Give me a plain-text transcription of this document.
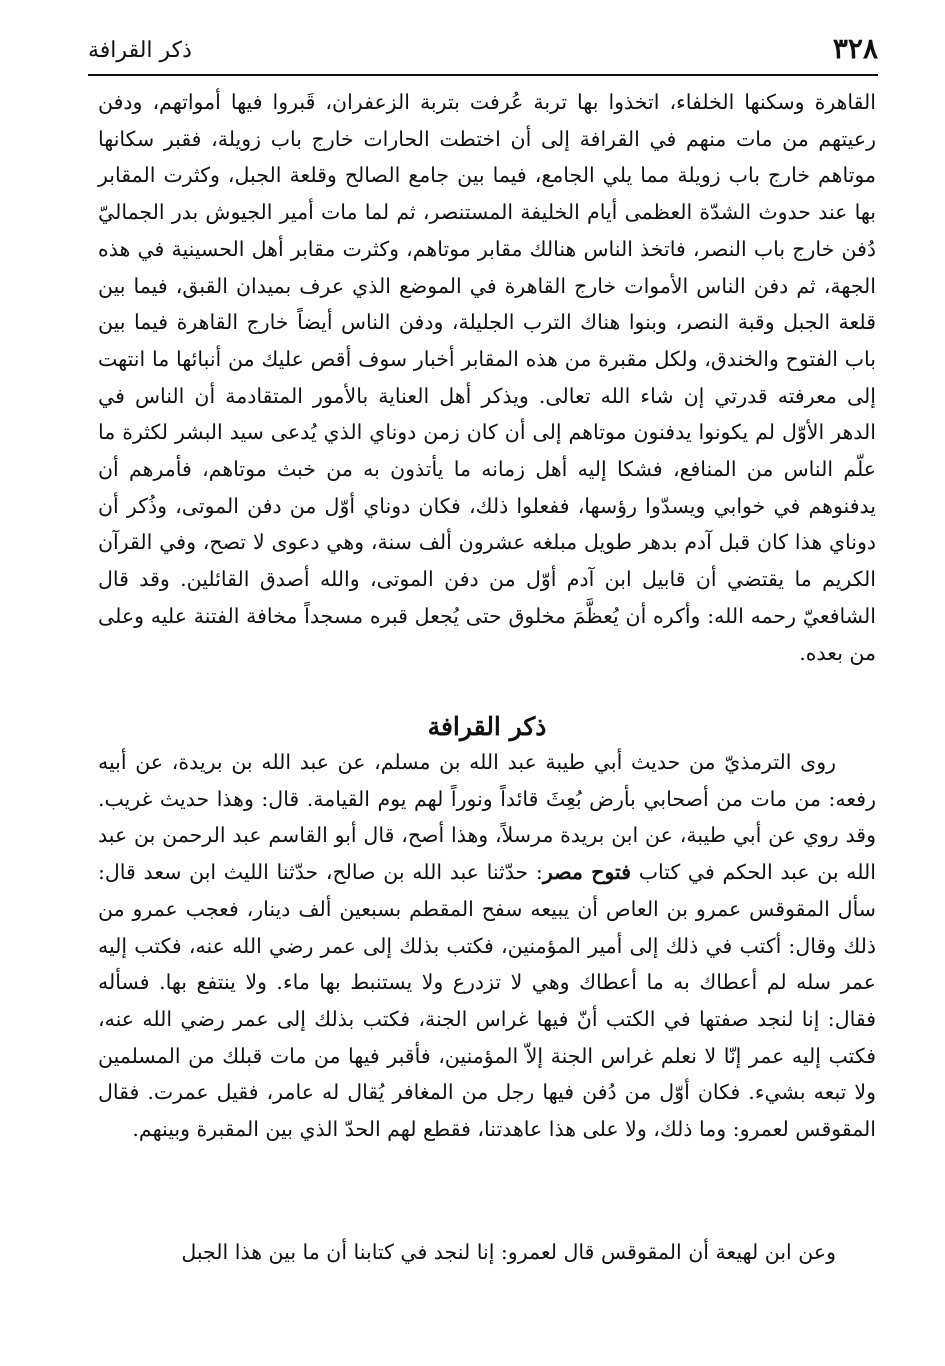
٣٢٨
ذكر القرافة

القاهرة وسكنها الخلفاء، اتخذوا بها تربة عُرفت بتربة الزعفران، قَبروا فيها أمواتهم، ودفن رعيتهم من مات منهم في القرافة إلى أن اختطت الحارات خارج باب زويلة، فقبر سكانها موتاهم خارج باب زويلة مما يلي الجامع، فيما بين جامع الصالح وقلعة الجبل، وكثرت المقابر بها عند حدوث الشدّة العظمى أيام الخليفة المستنصر، ثم لما مات أمير الجيوش بدر الجماليّ دُفن خارج باب النصر، فاتخذ الناس هنالك مقابر موتاهم، وكثرت مقابر أهل الحسينية في هذه الجهة، ثم دفن الناس الأموات خارج القاهرة في الموضع الذي عرف بميدان القبق، فيما بين قلعة الجبل وقبة النصر، وبنوا هناك الترب الجليلة، ودفن الناس أيضاً خارج القاهرة فيما بين باب الفتوح والخندق، ولكل مقبرة من هذه المقابر أخبار سوف أقص عليك من أنبائها ما انتهت إلى معرفته قدرتي إن شاء الله تعالى. ويذكر أهل العناية بالأمور المتقادمة أن الناس في الدهر الأوّل لم يكونوا يدفنون موتاهم إلى أن كان زمن دوناي الذي يُدعى سيد البشر لكثرة ما علّم الناس من المنافع، فشكا إليه أهل زمانه ما يأتذون به من خبث موتاهم، فأمرهم أن يدفنوهم في خوابي ويسدّوا رؤسها، ففعلوا ذلك، فكان دوناي أوّل من دفن الموتى، وذُكر أن دوناي هذا كان قبل آدم بدهر طويل مبلغه عشرون ألف سنة، وهي دعوى لا تصح، وفي القرآن الكريم ما يقتضي أن قابيل ابن آدم أوّل من دفن الموتى، والله أصدق القائلين. وقد قال الشافعيّ رحمه الله: وأكره أن يُعظَّمَ مخلوق حتى يُجعل قبره مسجداً مخافة الفتنة عليه وعلى من بعده.

ذكر القرافة

روى الترمذيّ من حديث أبي طيبة عبد الله بن مسلم، عن عبد الله بن بريدة، عن أبيه رفعه: من مات من أصحابي بأرض بُعِثَ قائداً ونوراً لهم يوم القيامة. قال: وهذا حديث غريب. وقد روي عن أبي طيبة، عن ابن بريدة مرسلاً، وهذا أصح، قال أبو القاسم عبد الرحمن بن عبد الله بن عبد الحكم في كتاب فتوح مصر: حدّثنا عبد الله بن صالح، حدّثنا الليث ابن سعد قال: سأل المقوقس عمرو بن العاص أن يبيعه سفح المقطم بسبعين ألف دينار، فعجب عمرو من ذلك وقال: أكتب في ذلك إلى أمير المؤمنين، فكتب بذلك إلى عمر رضي الله عنه، فكتب إليه عمر سله لم أعطاك به ما أعطاك وهي لا تزدرع ولا يستنبط بها ماء. ولا ينتفع بها. فسأله فقال: إنا لنجد صفتها في الكتب أنّ فيها غراس الجنة، فكتب بذلك إلى عمر رضي الله عنه، فكتب إليه عمر إنّا لا نعلم غراس الجنة إلاّ المؤمنين، فأقبر فيها من مات قبلك من المسلمين ولا تبعه بشيء. فكان أوّل من دُفن فيها رجل من المغافر يُقال له عامر، فقيل عمرت. فقال المقوقس لعمرو: وما ذلك، ولا على هذا عاهدتنا، فقطع لهم الحدّ الذي بين المقبرة وبينهم.

وعن ابن لهيعة أن المقوقس قال لعمرو: إنا لنجد في كتابنا أن ما بين هذا الجبل
